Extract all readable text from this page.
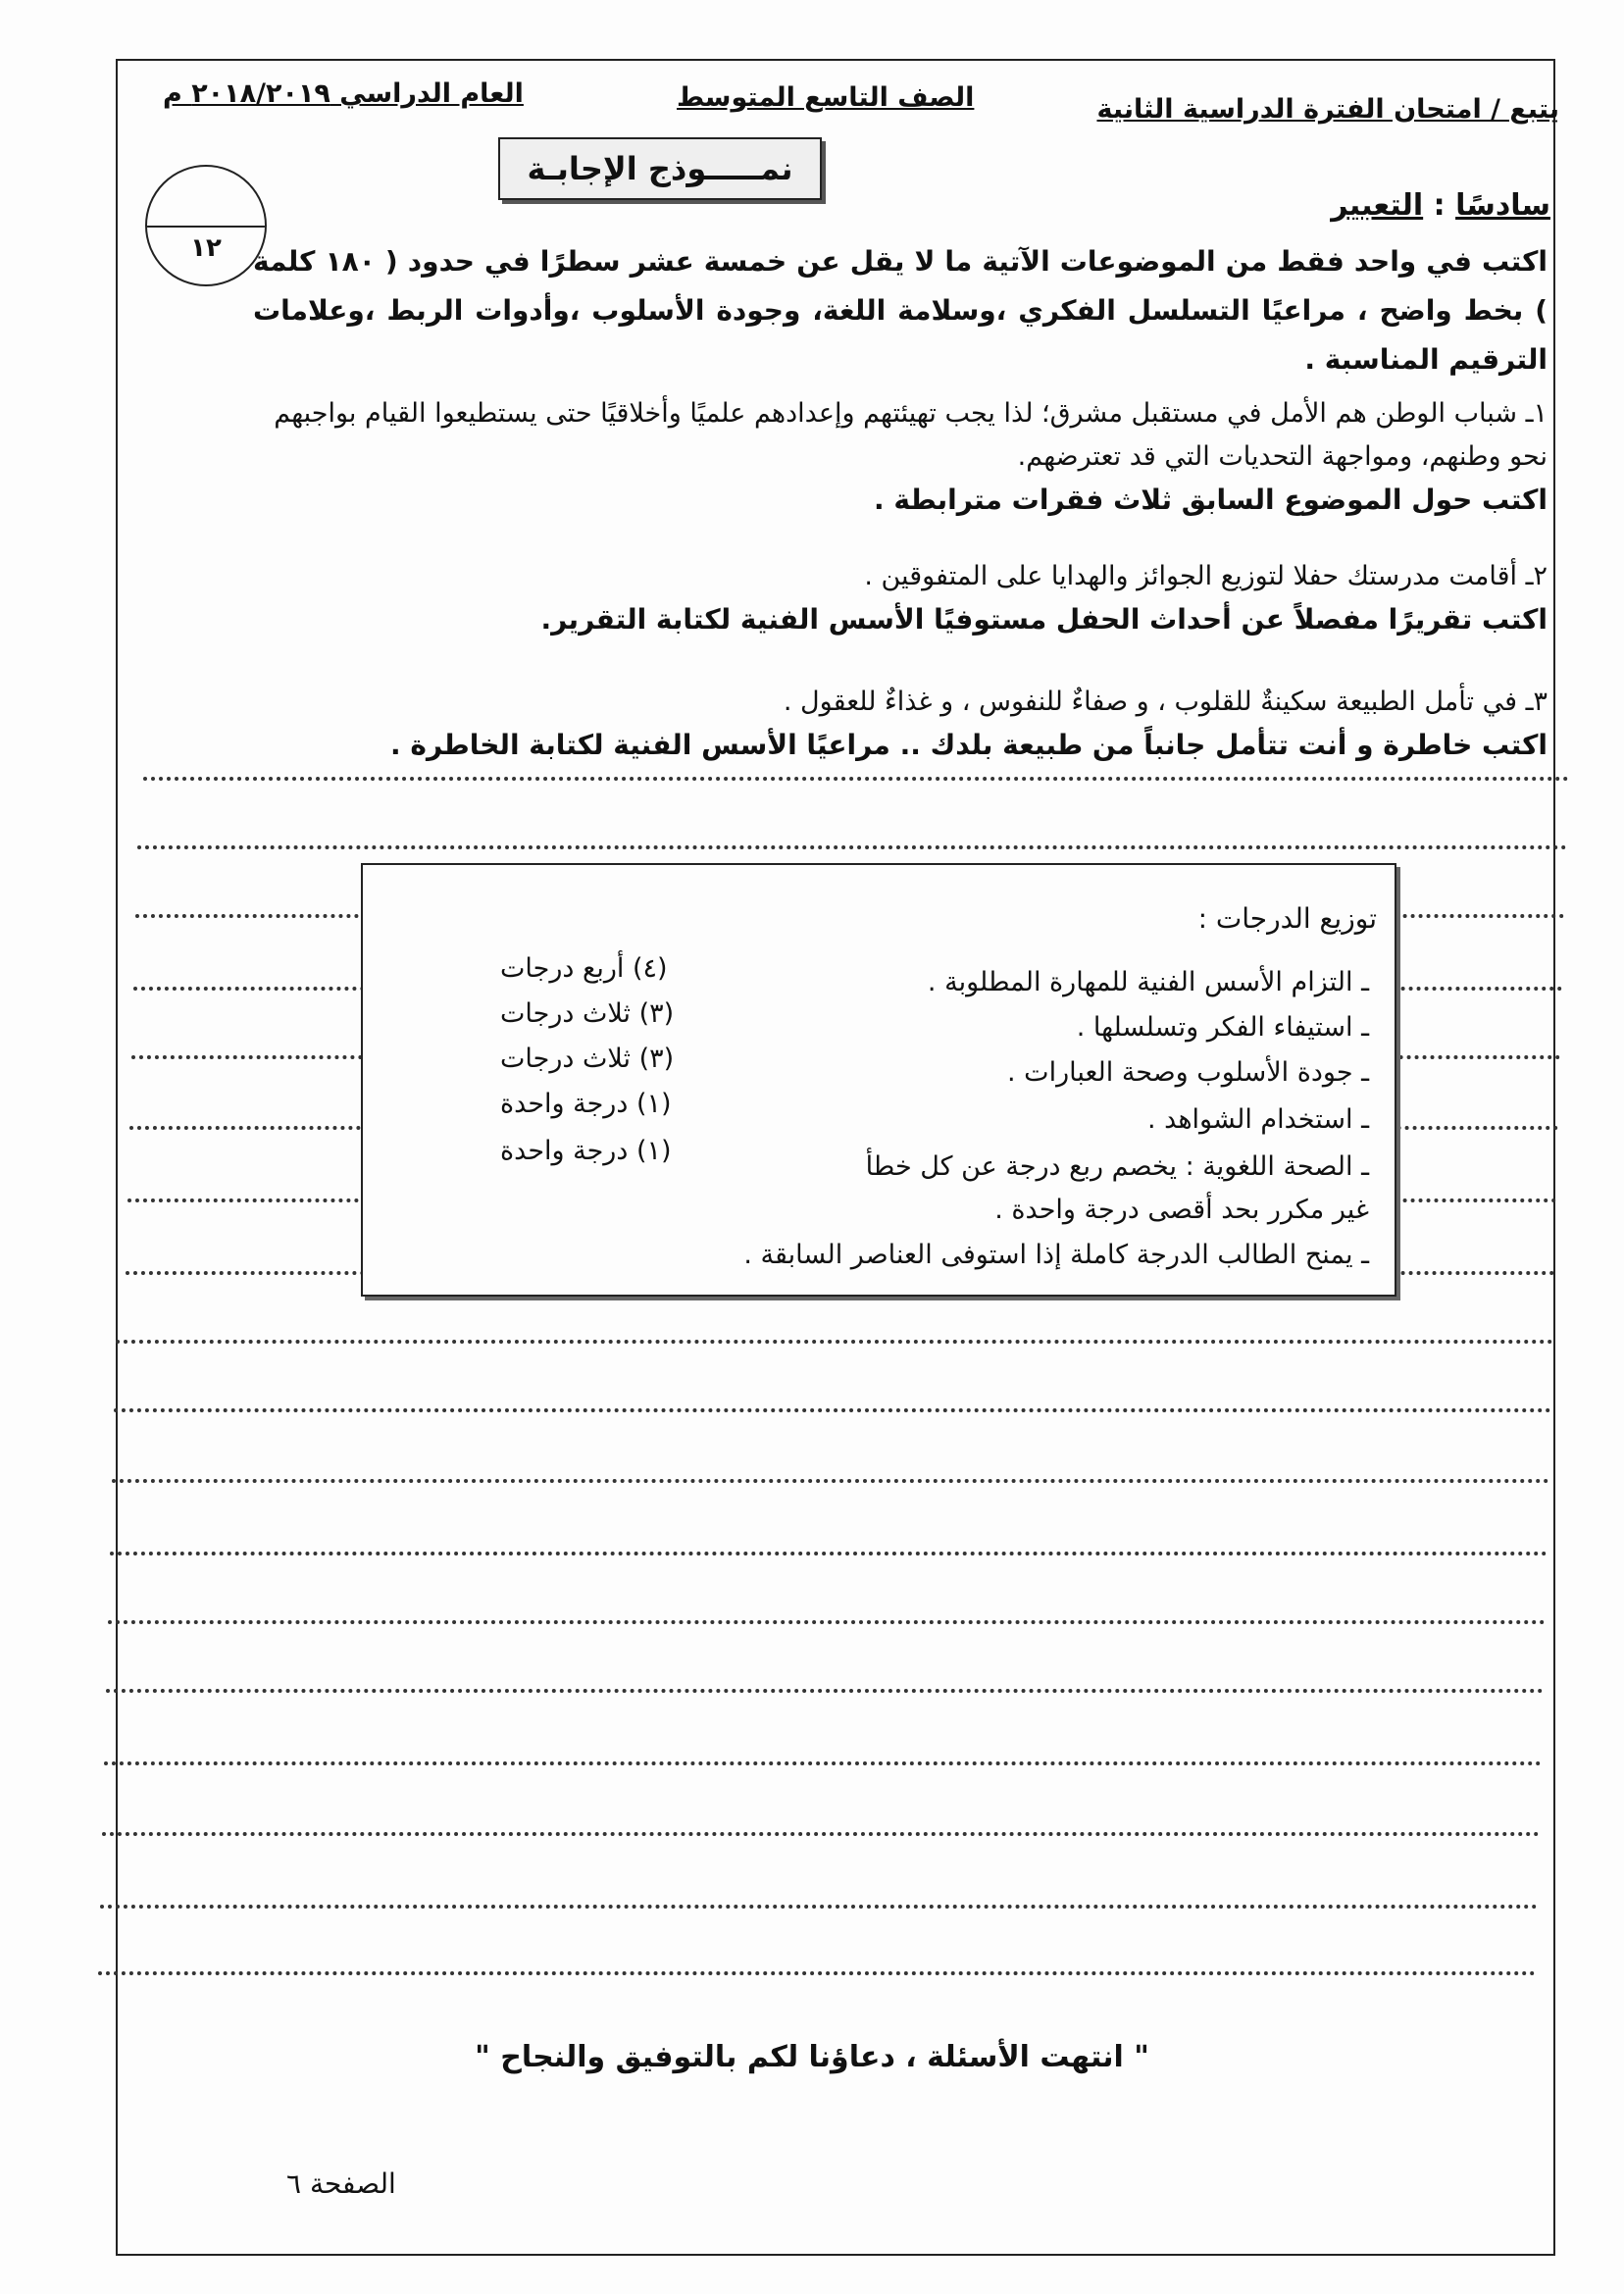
يتبع / امتحان الفترة الدراسية الثانية
الصف التاسع المتوسط
العام الدراسي ٢٠١٨/٢٠١٩ م
نمـــــوذج الإجابـة
١٢
سادسًا : التعبير
اكتب في واحد فقط من الموضوعات الآتية ما لا يقل عن خمسة عشر سطرًا في حدود ( ١٨٠ كلمة ) بخط واضح ، مراعيًا التسلسل الفكري ،وسلامة اللغة، وجودة الأسلوب ،وأدوات الربط ،وعلامات الترقيم المناسبة .
١ـ شباب الوطن هم الأمل في مستقبل مشرق؛ لذا يجب تهيئتهم وإعدادهم علميًا وأخلاقيًا حتى يستطيعوا القيام بواجبهم نحو وطنهم، ومواجهة التحديات التي قد تعترضهم.
اكتب حول الموضوع السابق ثلاث فقرات مترابطة .
٢ـ أقامت مدرستك حفلا لتوزيع الجوائز والهدايا على المتفوقين .
اكتب تقريرًا مفصلاً عن أحداث الحفل مستوفيًا الأسس الفنية لكتابة التقرير.
٣ـ في تأمل الطبيعة سكينةٌ للقلوب ، و صفاءٌ للنفوس ، و غذاءٌ للعقول .
اكتب خاطرة و أنت تتأمل جانباً من طبيعة بلدك .. مراعيًا الأسس الفنية لكتابة الخاطرة .
توزيع الدرجات :
ـ التزام الأسس الفنية للمهارة المطلوبة .
(٤) أربع درجات
ـ استيفاء الفكر وتسلسلها .
(٣) ثلاث درجات
ـ جودة الأسلوب وصحة العبارات .
(٣) ثلاث درجات
ـ استخدام الشواهد .
(١) درجة واحدة
ـ الصحة اللغوية : يخصم ربع درجة عن كل خطأ
(١) درجة واحدة
غير مكرر بحد أقصى درجة واحدة .
ـ يمنح الطالب الدرجة كاملة إذا استوفى العناصر السابقة .
" انتهت الأسئلة ، دعاؤنا لكم بالتوفيق والنجاح "
الصفحة ٦
